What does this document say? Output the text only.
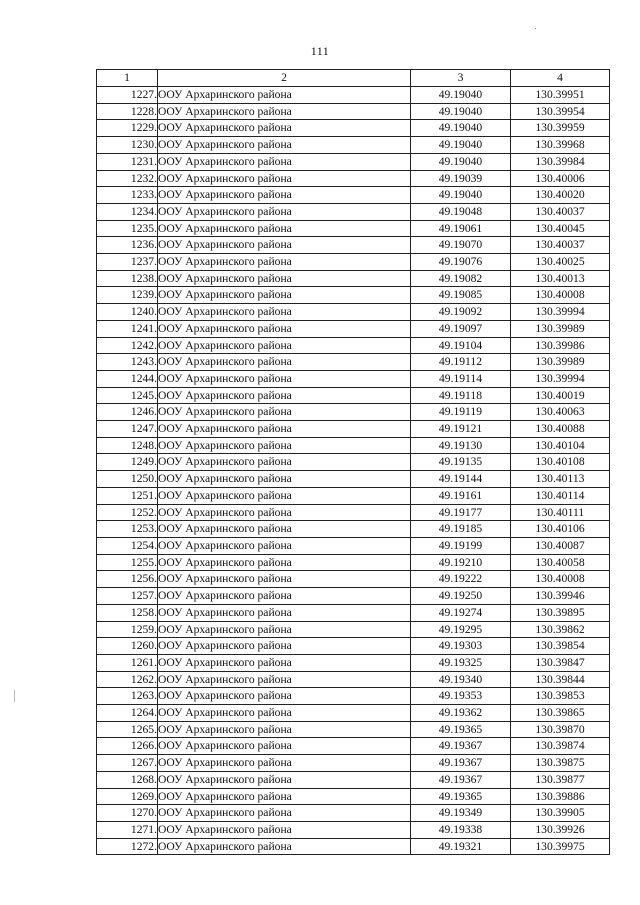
111
1	2	3	4
1227.	ООУ Архаринского района	49.19040	130.39951
1228.	ООУ Архаринского района	49.19040	130.39954
1229.	ООУ Архаринского района	49.19040	130.39959
1230.	ООУ Архаринского района	49.19040	130.39968
1231.	ООУ Архаринского района	49.19040	130.39984
1232.	ООУ Архаринского района	49.19039	130.40006
1233.	ООУ Архаринского района	49.19040	130.40020
1234.	ООУ Архаринского района	49.19048	130.40037
1235.	ООУ Архаринского района	49.19061	130.40045
1236.	ООУ Архаринского района	49.19070	130.40037
1237.	ООУ Архаринского района	49.19076	130.40025
1238.	ООУ Архаринского района	49.19082	130.40013
1239.	ООУ Архаринского района	49.19085	130.40008
1240.	ООУ Архаринского района	49.19092	130.39994
1241.	ООУ Архаринского района	49.19097	130.39989
1242.	ООУ Архаринского района	49.19104	130.39986
1243.	ООУ Архаринского района	49.19112	130.39989
1244.	ООУ Архаринского района	49.19114	130.39994
1245.	ООУ Архаринского района	49.19118	130.40019
1246.	ООУ Архаринского района	49.19119	130.40063
1247.	ООУ Архаринского района	49.19121	130.40088
1248.	ООУ Архаринского района	49.19130	130.40104
1249.	ООУ Архаринского района	49.19135	130.40108
1250.	ООУ Архаринского района	49.19144	130.40113
1251.	ООУ Архаринского района	49.19161	130.40114
1252.	ООУ Архаринского района	49.19177	130.40111
1253.	ООУ Архаринского района	49.19185	130.40106
1254.	ООУ Архаринского района	49.19199	130.40087
1255.	ООУ Архаринского района	49.19210	130.40058
1256.	ООУ Архаринского района	49.19222	130.40008
1257.	ООУ Архаринского района	49.19250	130.39946
1258.	ООУ Архаринского района	49.19274	130.39895
1259.	ООУ Архаринского района	49.19295	130.39862
1260.	ООУ Архаринского района	49.19303	130.39854
1261.	ООУ Архаринского района	49.19325	130.39847
1262.	ООУ Архаринского района	49.19340	130.39844
1263.	ООУ Архаринского района	49.19353	130.39853
1264.	ООУ Архаринского района	49.19362	130.39865
1265.	ООУ Архаринского района	49.19365	130.39870
1266.	ООУ Архаринского района	49.19367	130.39874
1267.	ООУ Архаринского района	49.19367	130.39875
1268.	ООУ Архаринского района	49.19367	130.39877
1269.	ООУ Архаринского района	49.19365	130.39886
1270.	ООУ Архаринского района	49.19349	130.39905
1271.	ООУ Архаринского района	49.19338	130.39926
1272.	ООУ Архаринского района	49.19321	130.39975
